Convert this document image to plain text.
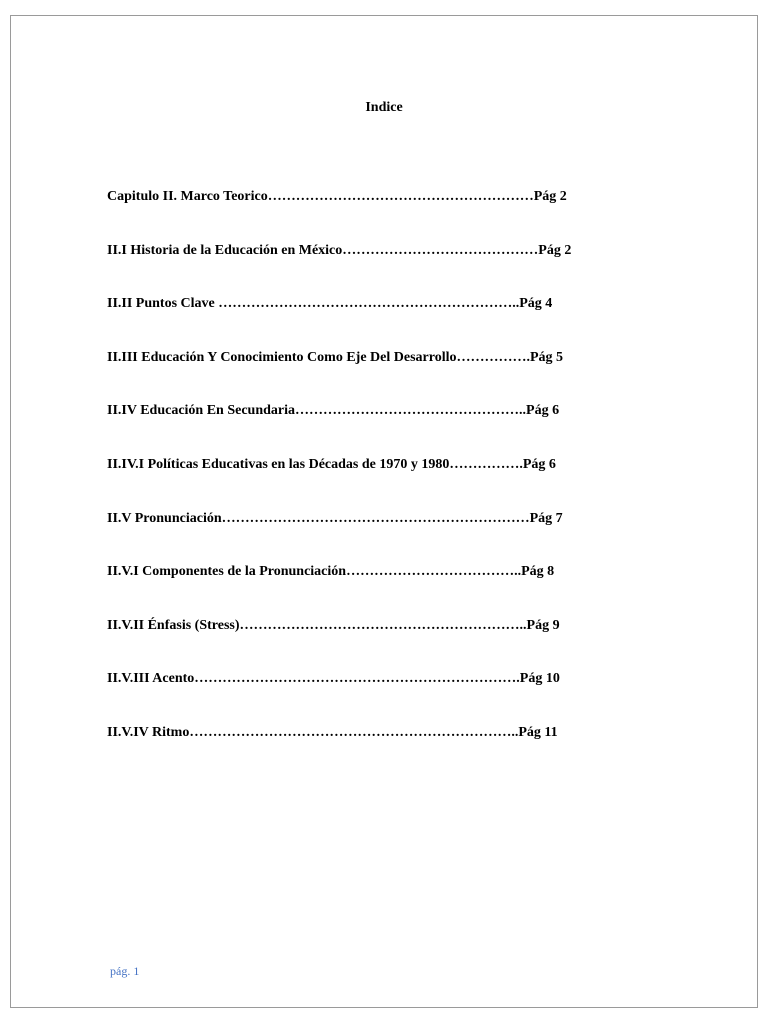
Indice
Capitulo II. Marco Teorico…………………………………………………Pág 2
II.I Historia de la Educación en México……………………………………Pág 2
II.II Puntos Clave ………………………………………………………..Pág 4
II.III Educación Y Conocimiento Como Eje Del Desarrollo…………….Pág 5
II.IV Educación En Secundaria…………………………………………..Pág 6
II.IV.I Políticas Educativas en las Décadas de 1970 y 1980…………….Pág 6
II.V Pronunciación…………………………………………………………Pág 7
II.V.I Componentes de la Pronunciación………………………………..Pág 8
II.V.II Énfasis (Stress)……………………………………………………..Pág 9
II.V.III Acento…………………………………………………………….Pág 10
II.V.IV Ritmo……………………………………………………………..Pág 11
pág. 1
